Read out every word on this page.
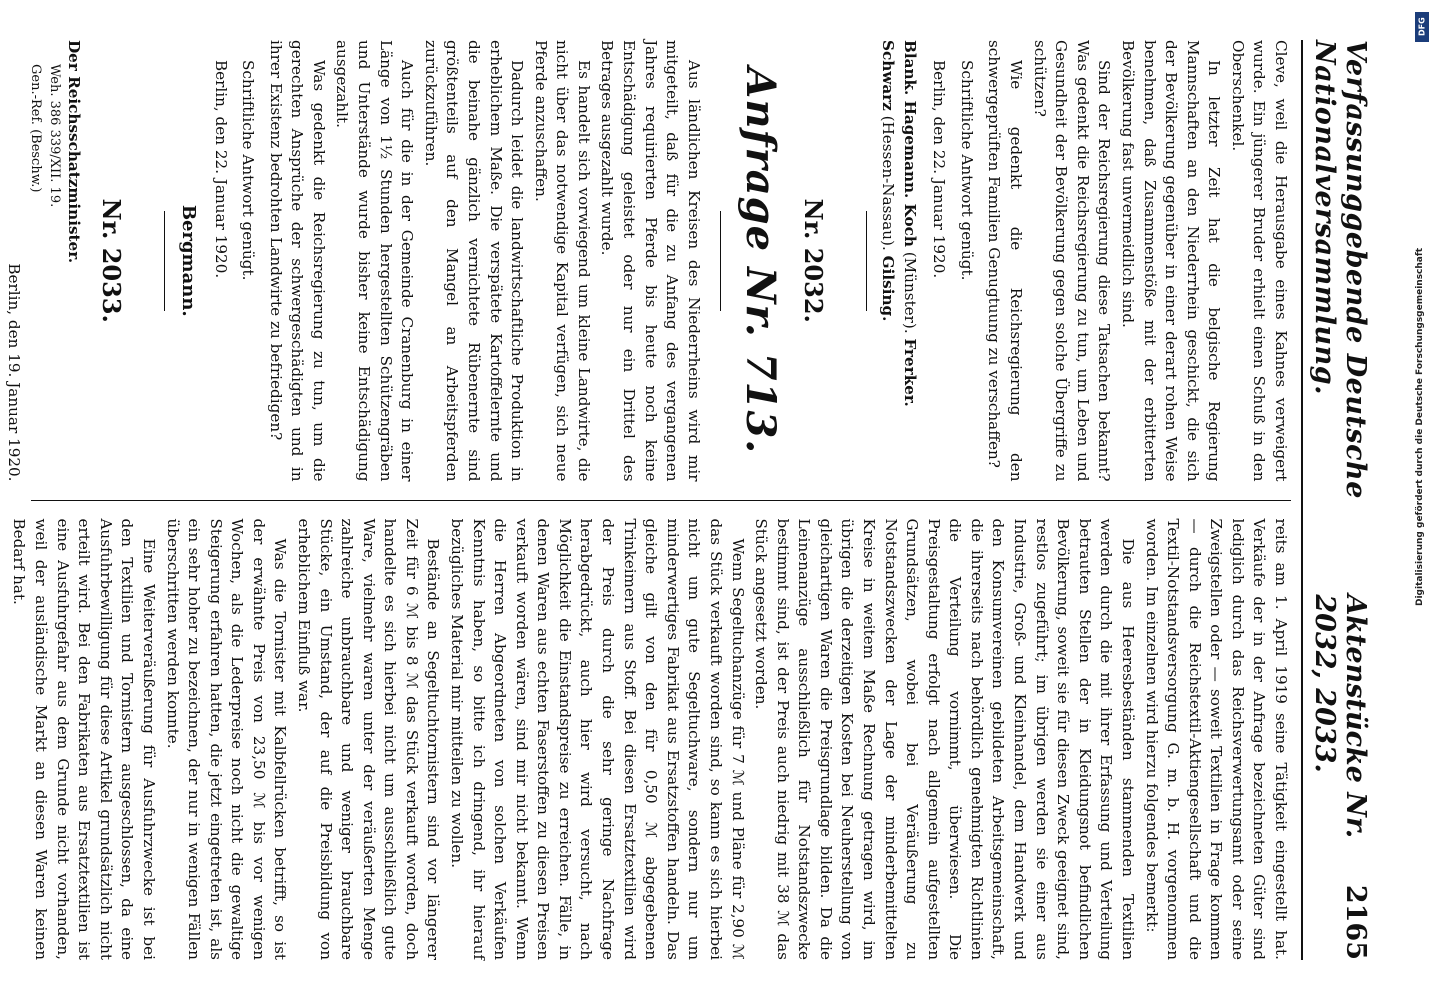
Verfassunggebende Deutsche Nationalversammlung.
Aktenstücke Nr. 2032, 2033.
2165

Cleve, weil die Herausgabe eines Kahnes verweigert wurde. Ein jüngerer Bruder erhielt einen Schuß in den Oberschenkel.

In letzter Zeit hat die belgische Regierung Mannschaften an den Niederrhein geschickt, die sich der Bevölkerung gegenüber in einer derart rohen Weise benehmen, daß Zusammenstöße mit der erbitterten Bevölkerung fast unvermeidlich sind.

Sind der Reichsregierung diese Tatsachen bekannt? Was gedenkt die Reichsregierung zu tun, um Leben und Gesundheit der Bevölkerung gegen solche Übergriffe zu schützen?

Wie gedenkt die Reichsregierung den schwergeprüften Familien Genugtuung zu verschaffen?

Schriftliche Antwort genügt.
Berlin, den 22. Januar 1920.
Blank. Hagemann. Koch (Münster). Frerker.
Schwarz (Hessen-Nassau). Gilsing.
Nr. 2032.
Anfrage Nr. 713.

Aus ländlichen Kreisen des Niederrheins wird mir mitgeteilt, daß für die zu Anfang des vergangenen Jahres requirierten Pferde bis heute noch keine Entschädigung geleistet oder nur ein Drittel des Betrages ausgezahlt wurde.

Es handelt sich vorwiegend um kleine Landwirte, die nicht über das notwendige Kapital verfügen, sich neue Pferde anzuschaffen.

Dadurch leidet die landwirtschaftliche Produktion in erheblichem Maße. Die verspätete Kartoffelernte und die beinahe gänzlich vernichtete Rübenernte sind größtenteils auf den Mangel an Arbeitspferden zurückzuführen.

Auch für die in der Gemeinde Cranenburg in einer Länge von 1½ Stunden hergestellten Schützengräben und Unterstände wurde bisher keine Entschädigung ausgezahlt.

Was gedenkt die Reichsregierung zu tun, um die gerechten Ansprüche der schwergeschädigten und in ihrer Existenz bedrohten Landwirte zu befriedigen?

Schriftliche Antwort genügt.
Berlin, den 22. Januar 1920.
Bergmann.
Nr. 2033.
Der Reichsschatzminister.
Weh. 386 339/XII. 19.
Gen.-Ref. (Beschw.)
Berlin, den 19. Januar 1920.

reits am 1. April 1919 seine Tätigkeit eingestellt hat. Verkäufe der in der Anfrage bezeichneten Güter sind lediglich durch das Reichsverwertungsamt oder seine Zweigstellen oder — soweit Textilien in Frage kommen — durch die Reichstextil-Aktiengesellschaft und die Textil-Notstandsversorgung G. m. b. H. vorgenommen worden. Im einzelnen wird hierzu folgendes bemerkt:

Die aus Heeresbeständen stammenden Textilien werden durch die mit ihrer Erfassung und Verteilung betrauten Stellen der in Kleidungsnot befindlichen Bevölkerung, soweit sie für diesen Zweck geeignet sind, restlos zugeführt; im übrigen werden sie einer aus Industrie, Groß- und Kleinhandel, dem Handwerk und den Konsumvereinen gebildeten Arbeitsgemeinschaft, die ihrerseits nach behördlich genehmigten Richtlinien die Verteilung vornimmt, überwiesen. Die Preisgestaltung erfolgt nach allgemein aufgestellten Grundsätzen, wobei bei Veräußerung zu Notstandszwecken der Lage der minderbemittelten Kreise in weitem Maße Rechnung getragen wird, im übrigen die derzeitigen Kosten bei Neuherstellung von gleichartigen Waren die Preisgrundlage bilden. Da die Leinenanzüge ausschließlich für Notstandszwecke bestimmt sind, ist der Preis auch niedrig mit 38 ℳ das Stück angesetzt worden.

Wenn Segeltuchanzüge für 7 ℳ und Pläne für 2,90 ℳ das Stück verkauft worden sind, so kann es sich hierbei nicht um gute Segeltuchware, sondern nur um minderwertiges Fabrikat aus Ersatzstoffen handeln. Das gleiche gilt von den für 0,50 ℳ abgegebenen Trinkeimern aus Stoff. Bei diesen Ersatztextilien wird der Preis durch die sehr geringe Nachfrage herabgedrückt, auch hier wird versucht, nach Möglichkeit die Einstandspreise zu erreichen. Fälle, in denen Waren aus echten Faserstoffen zu diesen Preisen verkauft worden wären, sind mir nicht bekannt. Wenn die Herren Abgeordneten von solchen Verkäufen Kenntnis haben, so bitte ich dringend, ihr hierauf bezügliches Material mir mitteilen zu wollen.

Bestände an Segeltuchtornistern sind vor längerer Zeit für 6 ℳ bis 8 ℳ das Stück verkauft worden, doch handelte es sich hierbei nicht um ausschließlich gute Ware, vielmehr waren unter der veräußerten Menge zahlreiche unbrauchbare und weniger brauchbare Stücke, ein Umstand, der auf die Preisbildung von erheblichem Einfluß war.

Was die Tornister mit Kalbfellrücken betrifft, so ist der erwähnte Preis von 23,50 ℳ bis vor wenigen Wochen, als die Lederpreise noch nicht die gewaltige Steigerung erfahren hatten, die jetzt eingetreten ist, als ein sehr hoher zu bezeichnen, der nur in wenigen Fällen überschritten werden konnte.

Eine Weiterveräußerung für Ausfuhrzwecke ist bei den Textilien und Tornistern ausgeschlossen, da eine Ausfuhrbewilligung für diese Artikel grundsätzlich nicht erteilt wird. Bei den Fabrikaten aus Ersatztextilien ist eine Ausfuhrgefahr aus dem Grunde nicht vorhanden, weil der ausländische Markt an diesen Waren keinen Bedarf hat.

DFG
Digitalisierung gefördert durch die Deutsche Forschungsgemeinschaft
